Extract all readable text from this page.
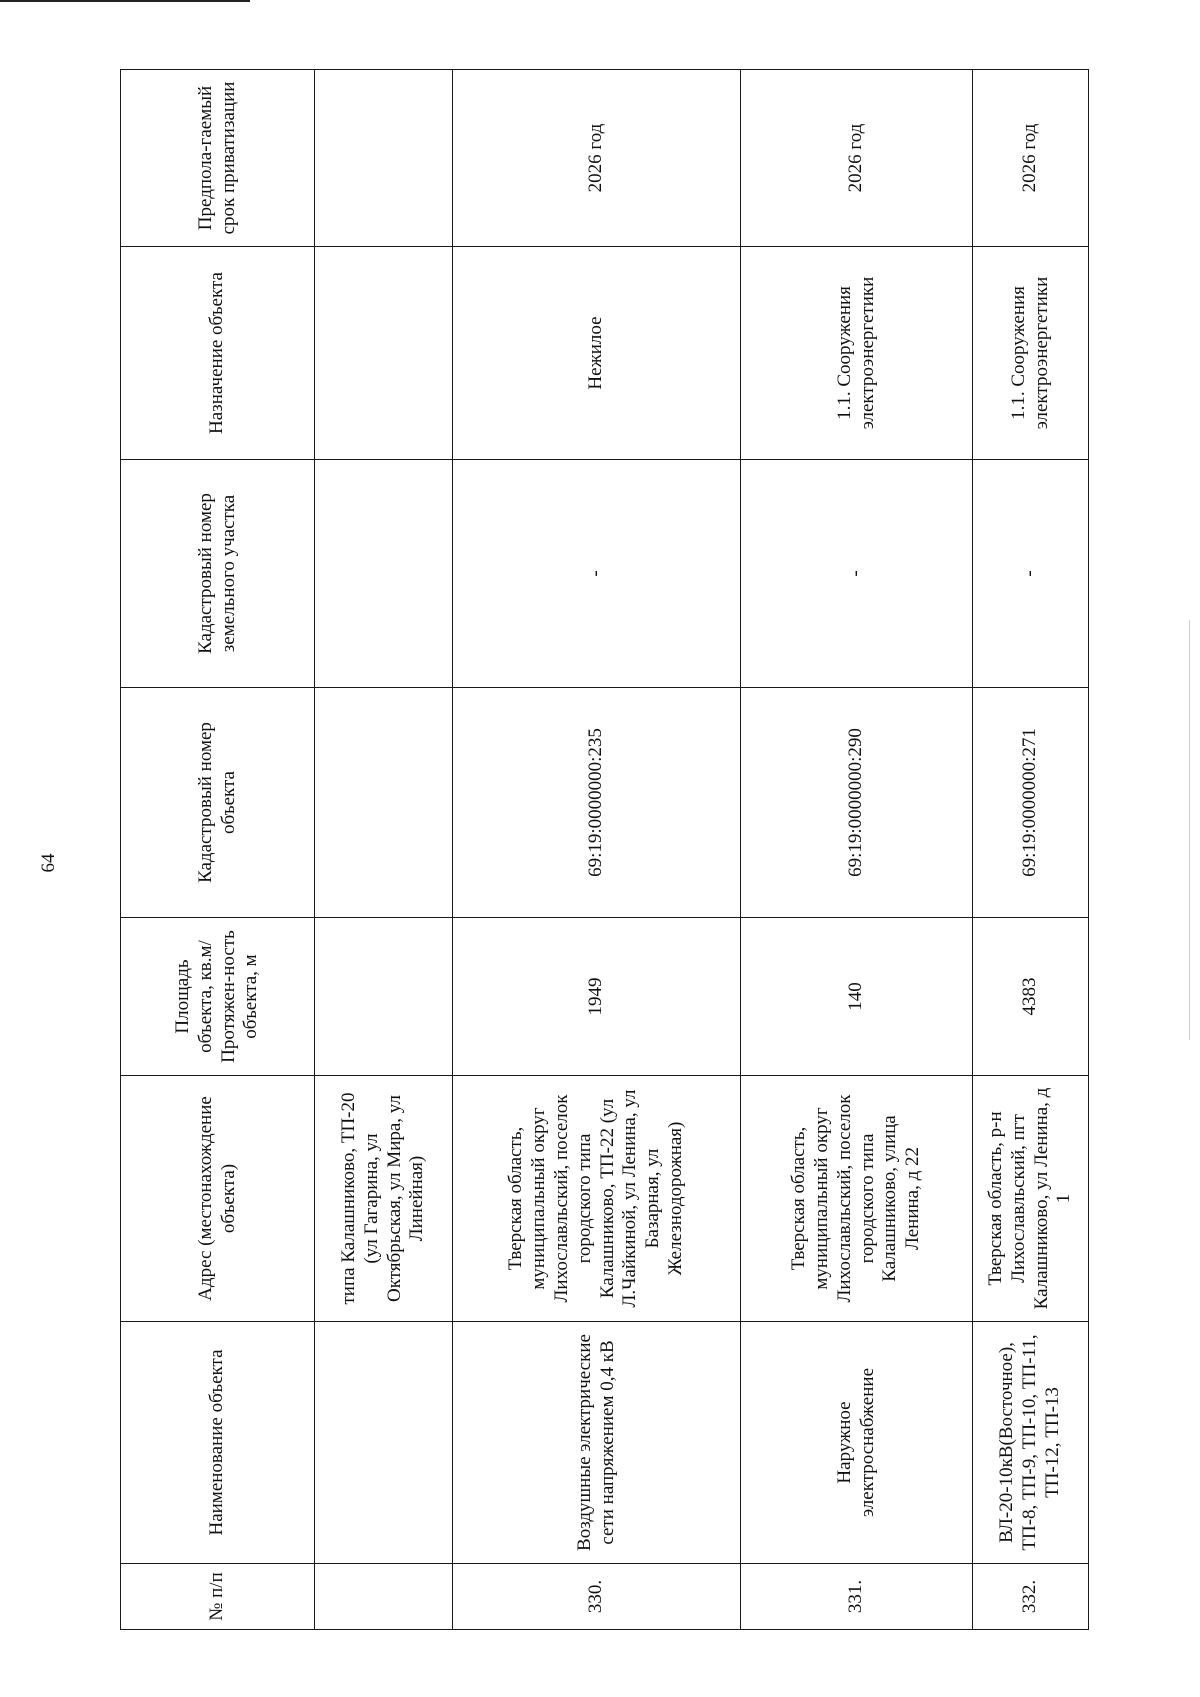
64
№ п/п	Наименование объекта	Адрес (местонахождение объекта)	Площадь объекта, кв.м/ Протяжен-ность объекта, м	Кадастровый номер объекта	Кадастровый номер земельного участка	Назначение объекта	Предпола-гаемый срок приватизации

		типа Калашниково, ТП-20 (ул Гагарина, ул Октябрьская, ул Мира, ул Линейная)					

330.	Воздушные электрические сети напряжением 0,4 кВ	Тверская область, муниципальный округ Лихославльский, поселок городского типа Калашниково, ТП-22 (ул Л.Чайкиной, ул Ленина, ул Базарная, ул Железнодорожная)	1949	69:19:0000000:235	-	Нежилое	2026 год

331.	Наружное электроснабжение	Тверская область, муниципальный округ Лихославльский, поселок городского типа Калашниково, улица Ленина, д 22	140	69:19:0000000:290	-	1.1. Сооружения электроэнергетики	2026 год

332.	ВЛ-20-10кВ(Восточное), ТП-8, ТП-9, ТП-10, ТП-11, ТП-12, ТП-13	Тверская область, р-н Лихославльский, пгт Калашниково, ул Ленина, д 1	4383	69:19:0000000:271	-	1.1. Сооружения электроэнергетики	2026 год
